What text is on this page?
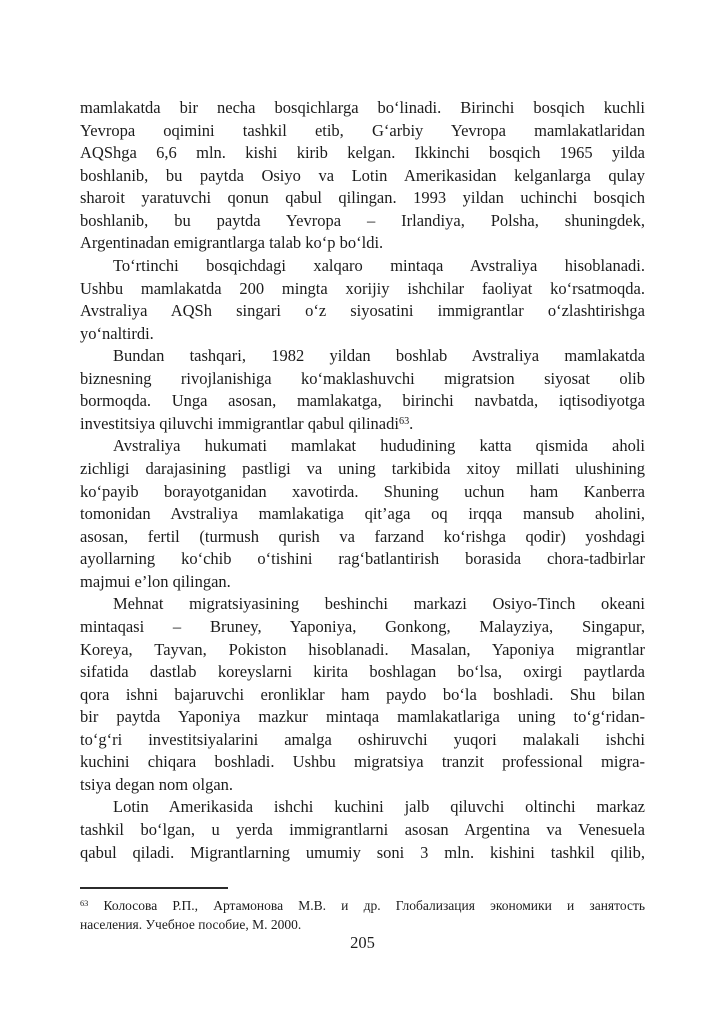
mamlakatda bir necha bosqichlarga boʻlinadi. Birinchi bosqich kuchli
Yevropa oqimini tashkil etib, Gʻarbiy Yevropa mamlakatlaridan
AQShga 6,6 mln. kishi kirib kelgan. Ikkinchi bosqich 1965 yilda
boshlanib, bu paytda Osiyo va Lotin Amerikasidan kelganlarga qulay
sharoit yaratuvchi qonun qabul qilingan. 1993 yildan uchinchi bosqich
boshlanib, bu paytda Yevropa – Irlandiya, Polsha, shuningdek,
Argentinadan emigrantlarga talab koʻp boʻldi.
Toʻrtinchi bosqichdagi xalqaro mintaqa Avstraliya hisoblanadi.
Ushbu mamlakatda 200 mingta xorijiy ishchilar faoliyat koʻrsatmoqda.
Avstraliya AQSh singari oʻz siyosatini immigrantlar oʻzlashtirishga
yoʻnaltirdi.
Bundan tashqari, 1982 yildan boshlab Avstraliya mamlakatda
biznesning rivojlanishiga koʻmaklashuvchi migratsion siyosat olib
bormoqda. Unga asosan, mamlakatga, birinchi navbatda, iqtisodiyotga
investitsiya qiluvchi immigrantlar qabul qilinadi$^{63}$.
Avstraliya hukumati mamlakat hududining katta qismida aholi
zichligi darajasining pastligi va uning tarkibida xitoy millati ulushining
koʻpayib borayotganidan xavotirda. Shuning uchun ham Kanberra
tomonidan Avstraliya mamlakatiga qit’aga oq irqqa mansub aholini,
asosan, fertil (turmush qurish va farzand koʻrishga qodir) yoshdagi
ayollarning koʻchib oʻtishini ragʻbatlantirish borasida chora-tadbirlar
majmui e’lon qilingan.
Mehnat migratsiyasining beshinchi markazi Osiyo-Tinch okeani
mintaqasi – Bruney, Yaponiya, Gonkong, Malayziya, Singapur,
Koreya, Tayvan, Pokiston hisoblanadi. Masalan, Yaponiya migrantlar
sifatida dastlab koreyslarni kirita boshlagan boʻlsa, oxirgi paytlarda
qora ishni bajaruvchi eronliklar ham paydo boʻla boshladi. Shu bilan
bir paytda Yaponiya mazkur mintaqa mamlakatlariga uning toʻgʻridan-
toʻgʻri investitsiyalarini amalga oshiruvchi yuqori malakali ishchi
kuchini chiqara boshladi. Ushbu migratsiya tranzit professional migra-
tsiya degan nom olgan.
Lotin Amerikasida ishchi kuchini jalb qiluvchi oltinchi markaz
tashkil boʻlgan, u yerda immigrantlarni asosan Argentina va Venesuela
qabul qiladi. Migrantlarning umumiy soni 3 mln. kishini tashkil qilib,
$^{63}$ Колосова Р.П., Артамонова М.В. и др. Глобализация экономики и занятость
населения. Учебное пособие, М. 2000.
205
